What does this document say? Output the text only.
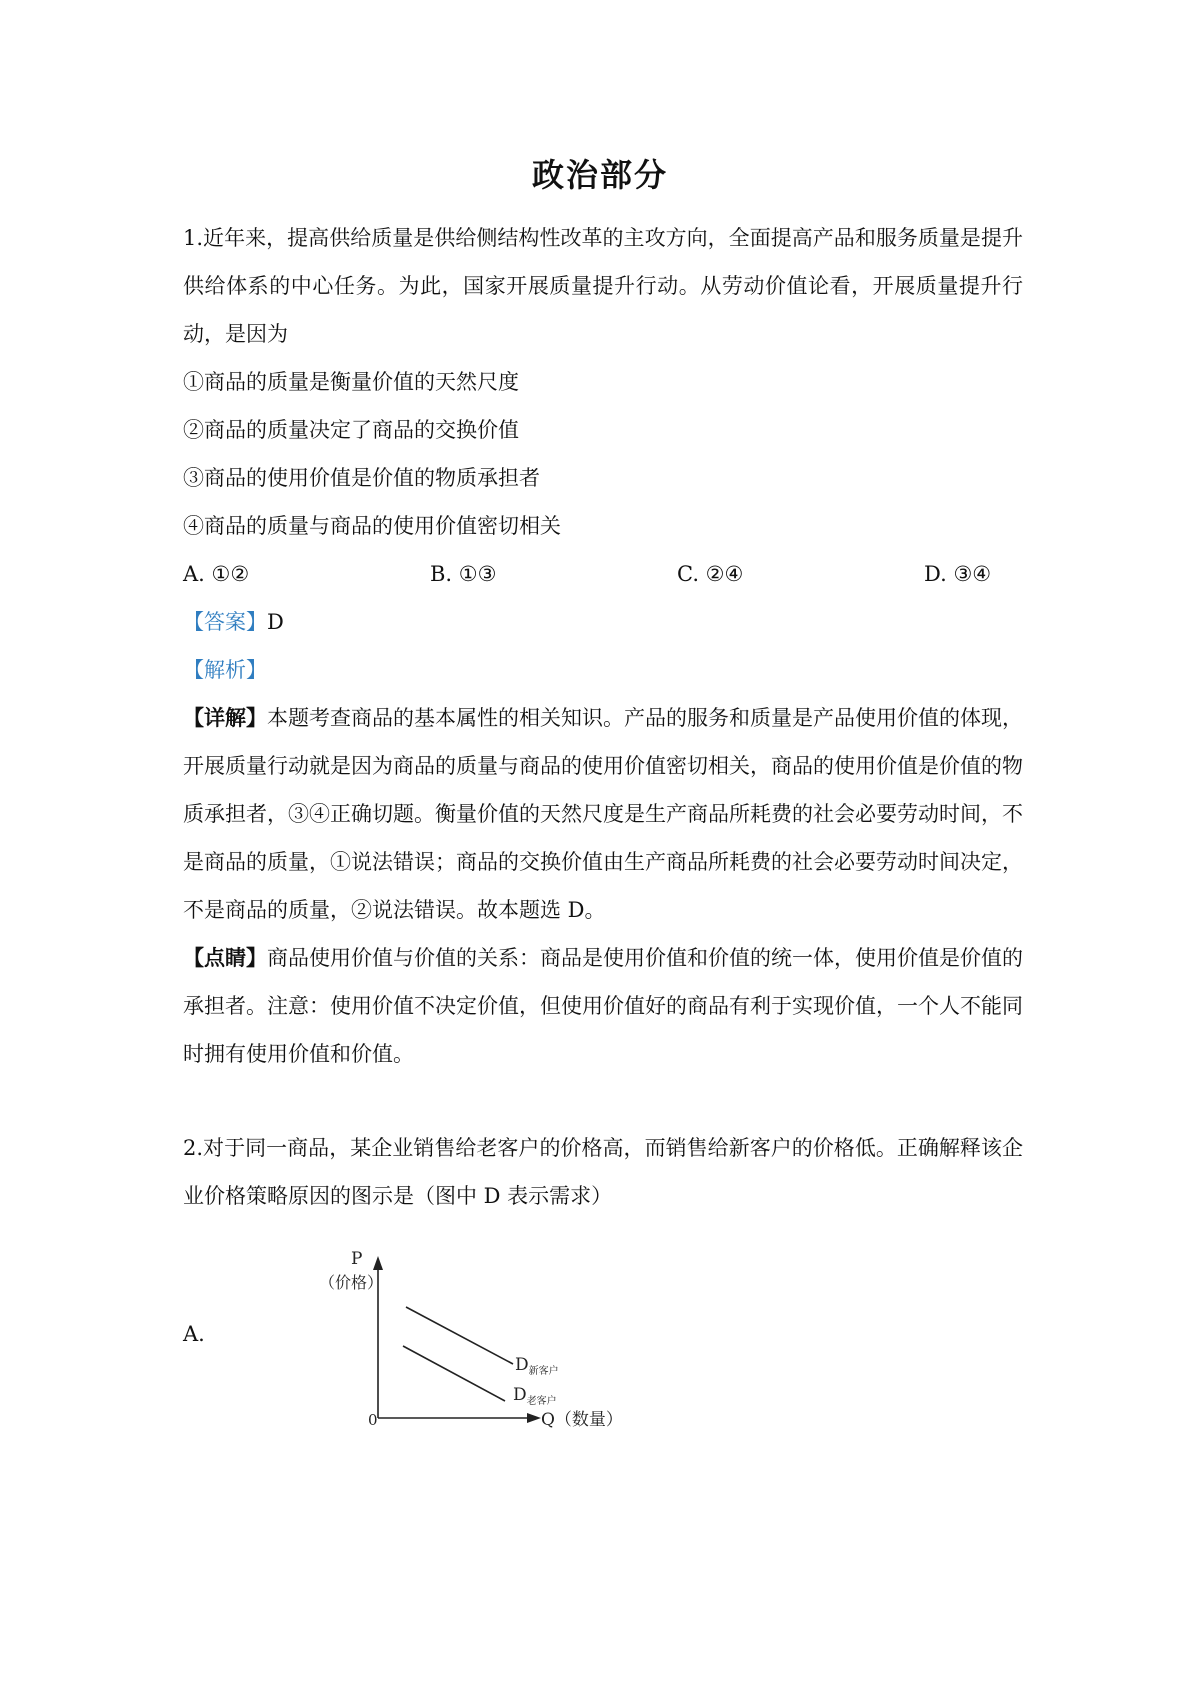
政治部分

1.近年来，提高供给质量是供给侧结构性改革的主攻方向，全面提高产品和服务质量是提升供给体系的中心任务。为此，国家开展质量提升行动。从劳动价值论看，开展质量提升行动，是因为

①商品的质量是衡量价值的天然尺度

②商品的质量决定了商品的交换价值

③商品的使用价值是价值的物质承担者

④商品的质量与商品的使用价值密切相关

A. ①②	B. ①③	C. ②④	D. ③④

【答案】D

【解析】

【详解】本题考查商品的基本属性的相关知识。产品的服务和质量是产品使用价值的体现，开展质量行动就是因为商品的质量与商品的使用价值密切相关，商品的使用价值是价值的物质承担者，③④正确切题。衡量价值的天然尺度是生产商品所耗费的社会必要劳动时间，不是商品的质量，①说法错误；商品的交换价值由生产商品所耗费的社会必要劳动时间决定，不是商品的质量，②说法错误。故本题选 D。

【点睛】商品使用价值与价值的关系：商品是使用价值和价值的统一体，使用价值是价值的承担者。注意：使用价值不决定价值，但使用价值好的商品有利于实现价值，一个人不能同时拥有使用价值和价值。

2.对于同一商品，某企业销售给老客户的价格高，而销售给新客户的价格低。正确解释该企业价格策略原因的图示是（图中 D 表示需求）

A.
P
（价格）
0	Q（数量）
$D_{新客户}$
$D_{老客户}$
